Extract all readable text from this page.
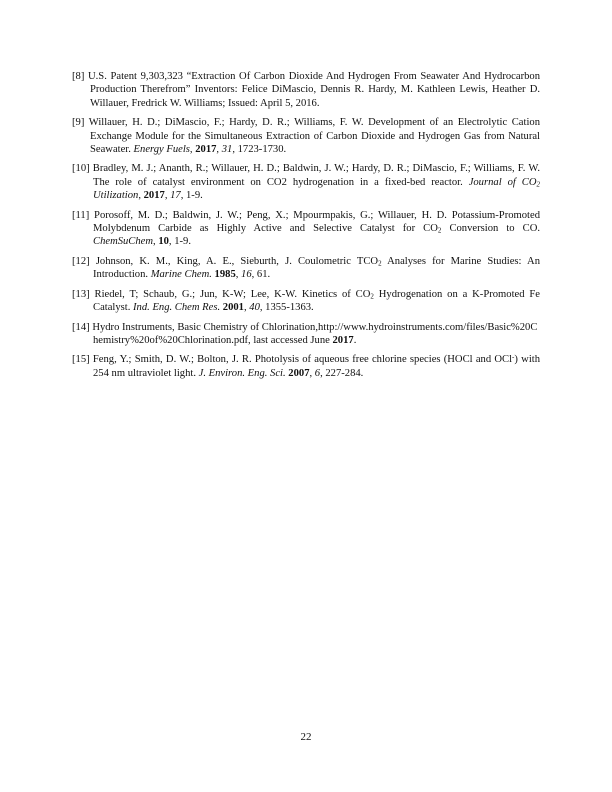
[8] U.S. Patent 9,303,323 “Extraction Of Carbon Dioxide And Hydrogen From Seawater And Hydrocarbon Production Therefrom” Inventors: Felice DiMascio, Dennis R. Hardy, M. Kathleen Lewis, Heather D. Willauer, Fredrick W. Williams; Issued: April 5, 2016.

[9] Willauer, H. D.; DiMascio, F.; Hardy, D. R.; Williams, F. W. Development of an Electrolytic Cation Exchange Module for the Simultaneous Extraction of Carbon Dioxide and Hydrogen Gas from Natural Seawater. Energy Fuels, 2017, 31, 1723-1730.

[10] Bradley, M. J.; Ananth, R.; Willauer, H. D.; Baldwin, J. W.; Hardy, D. R.; DiMascio, F.; Williams, F. W. The role of catalyst environment on CO2 hydrogenation in a fixed-bed reactor. Journal of $CO_2$ Utilization, 2017, 17, 1-9.

[11] Porosoff, M. D.; Baldwin, J. W.; Peng, X.; Mpourmpakis, G.; Willauer, H. D. Potassium-Promoted Molybdenum Carbide as Highly Active and Selective Catalyst for $CO_2$ Conversion to CO. ChemSuChem, 10, 1-9.

[12] Johnson, K. M., King, A. E., Sieburth, J. Coulometric $TCO_2$ Analyses for Marine Studies: An Introduction. Marine Chem. 1985, 16, 61.

[13] Riedel, T; Schaub, G.; Jun, K-W; Lee, K-W. Kinetics of $CO_2$ Hydrogenation on a K-Promoted Fe Catalyst. Ind. Eng. Chem Res. 2001, 40, 1355-1363.

[14] Hydro Instruments, Basic Chemistry of Chlorination,http://www.hydroinstruments.com/files/Basic%20Chemistry%20of%20Chlorination.pdf, last accessed June 2017.

[15] Feng, Y.; Smith, D. W.; Bolton, J. R. Photolysis of aqueous free chlorine species (HOCl and OCl-) with 254 nm ultraviolet light. J. Environ. Eng. Sci. 2007, 6, 227-284.

22
